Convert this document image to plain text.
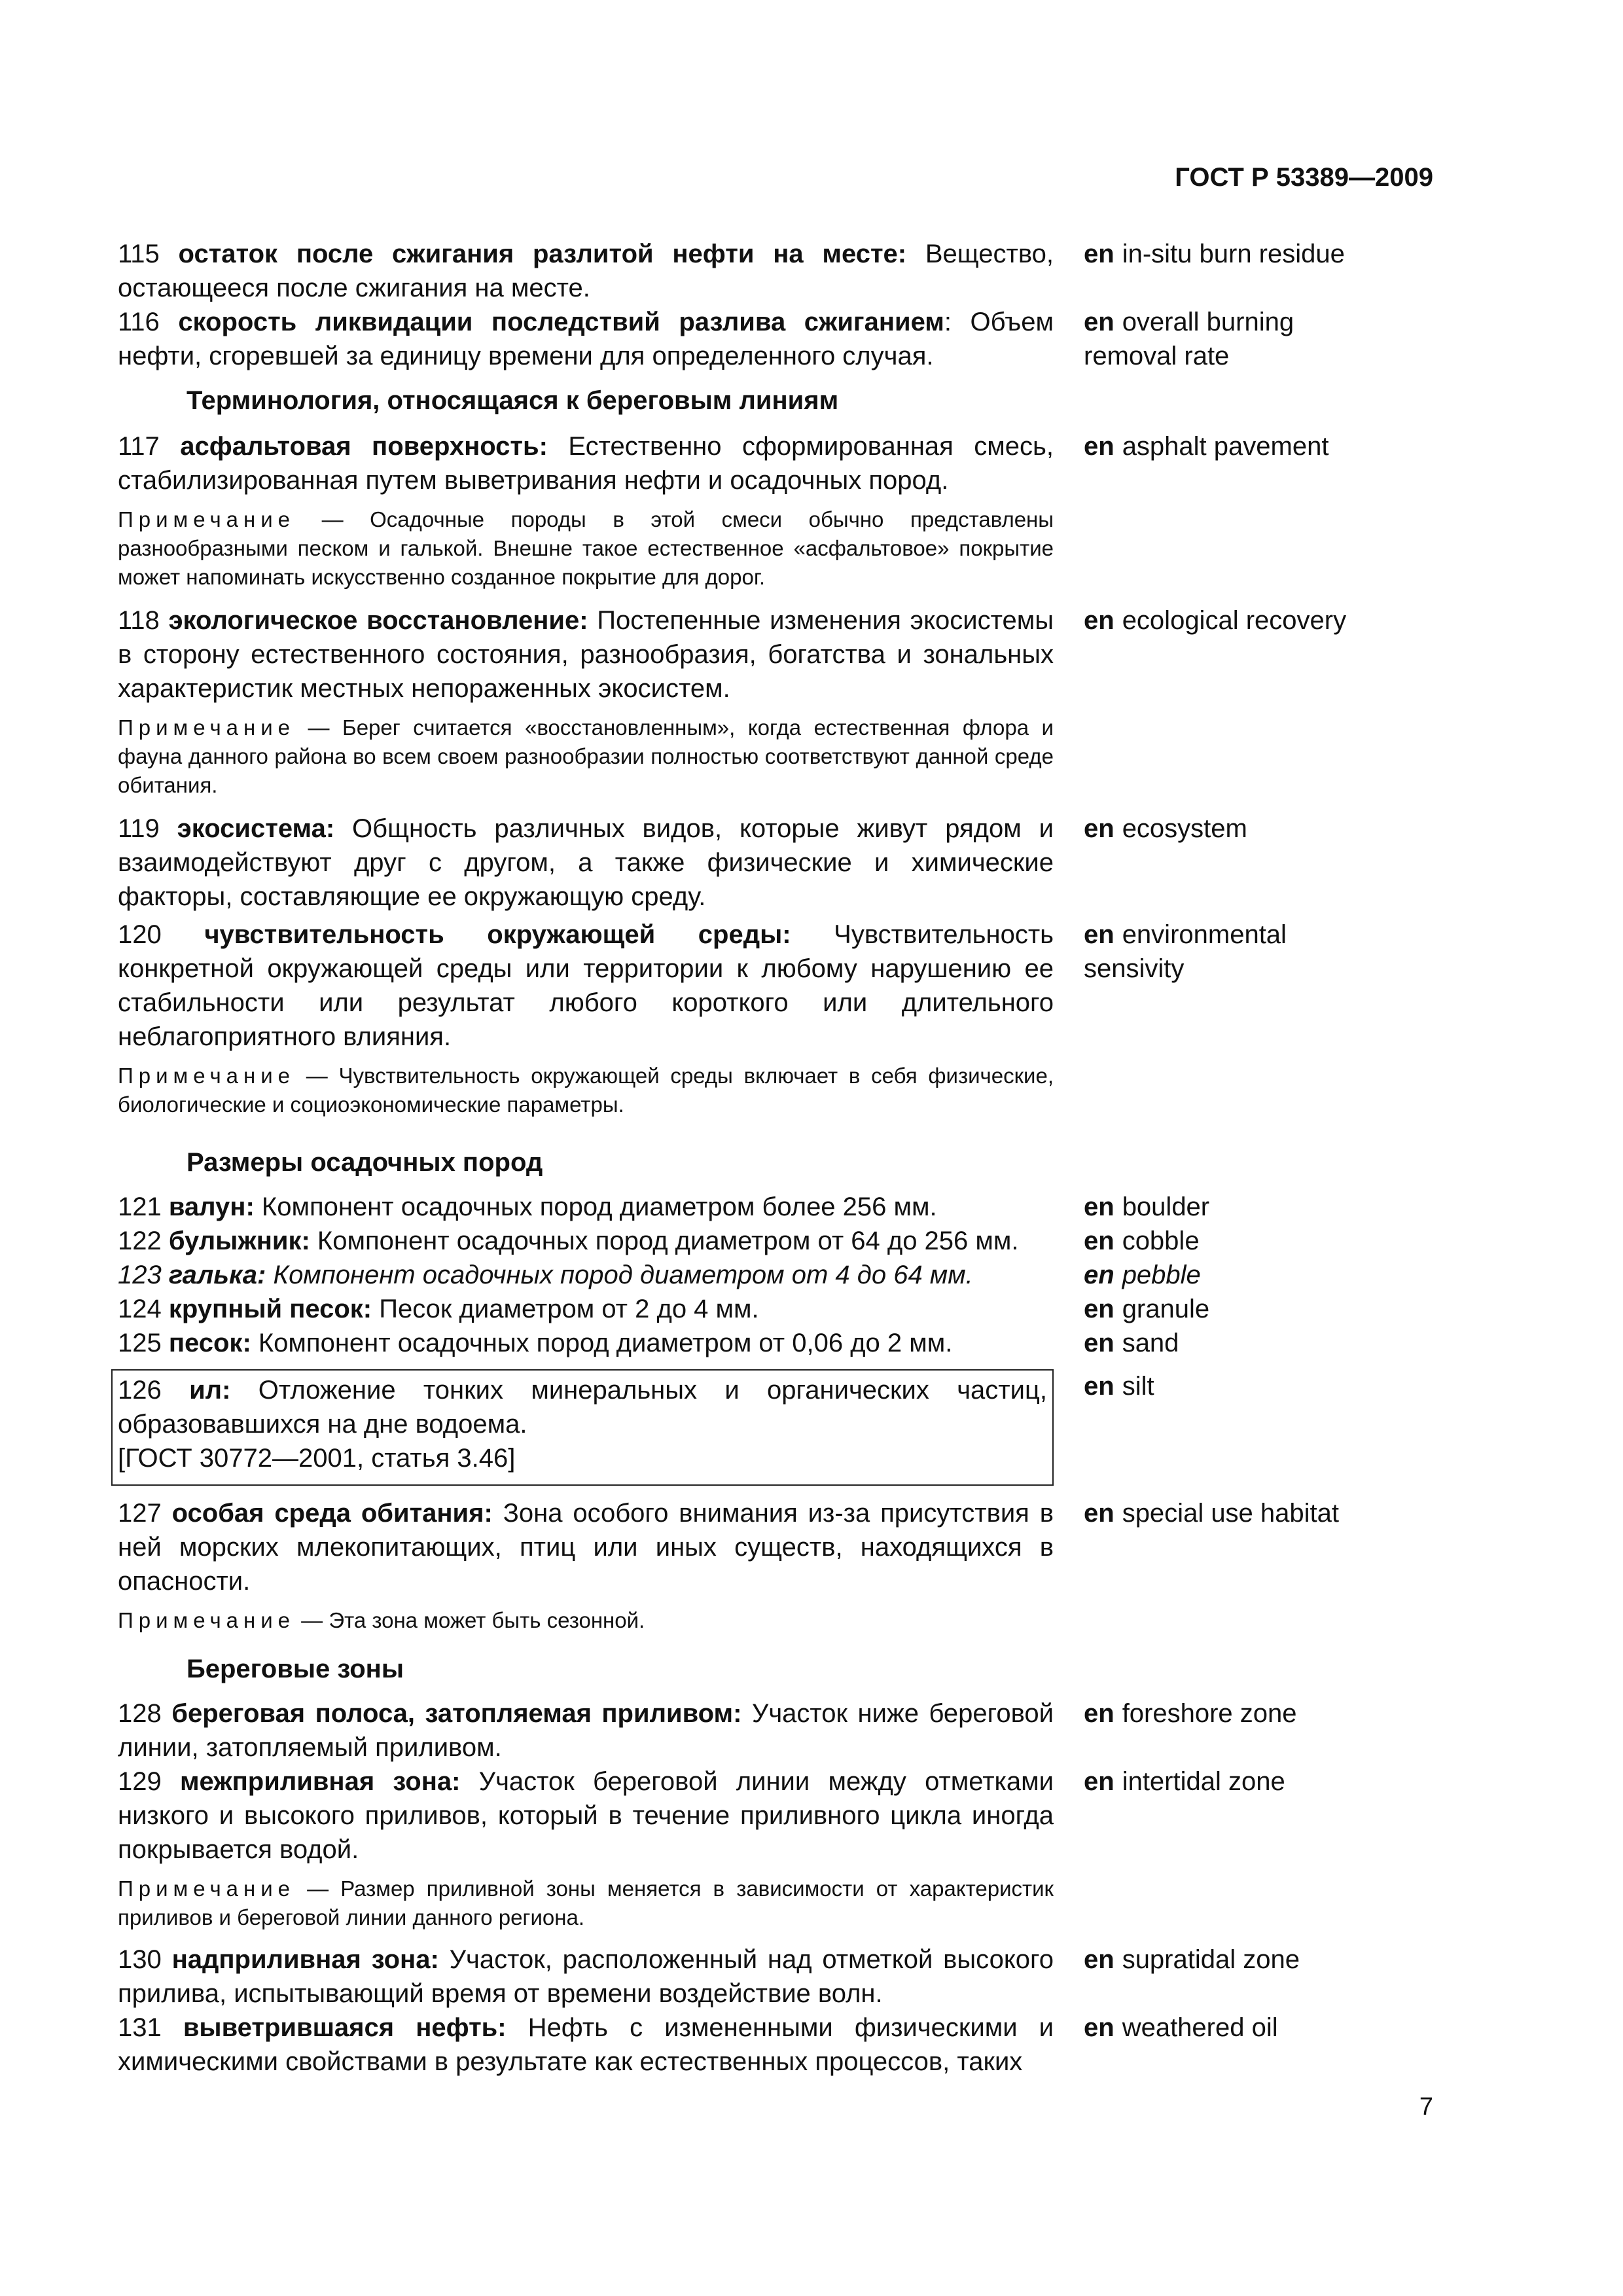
ГОСТ Р 53389—2009

115 остаток после сжигания разлитой нефти на месте: Вещество, остающееся после сжигания на месте.

en in-situ burn residue

116 скорость ликвидации последствий разлива сжиганием: Объем нефти, сгоревшей за единицу времени для определенного случая.

en overall burning removal rate
Терминология, относящаяся к береговым линиям

117 асфальтовая поверхность: Естественно сформированная смесь, стабилизированная путем выветривания нефти и осадочных пород.

Примечание — Осадочные породы в этой смеси обычно представлены разнообразными песком и галькой. Внешне такое естественное «асфальтовое» покрытие может напоминать искусственно созданное покрытие для дорог.

en asphalt pavement

118 экологическое восстановление: Постепенные изменения экосистемы в сторону естественного состояния, разнообразия, богатства и зональных характеристик местных непораженных экосистем.

Примечание — Берег считается «восстановленным», когда естественная флора и фауна данного района во всем своем разнообразии полностью соответствуют данной среде обитания.

en ecological recovery

119 экосистема: Общность различных видов, которые живут рядом и взаимодействуют друг с другом, а также физические и химические факторы, составляющие ее окружающую среду.

en ecosystem

120 чувствительность окружающей среды: Чувствительность конкретной окружающей среды или территории к любому нарушению ее стабильности или результат любого короткого или длительного неблагоприятного влияния.

Примечание — Чувствительность окружающей среды включает в себя физические, биологические и социоэкономические параметры.

en environmental sensivity
Размеры осадочных пород

121 валун: Компонент осадочных пород диаметром более 256 мм.	en boulder

122 булыжник: Компонент осадочных пород диаметром от 64 до 256 мм.	en cobble

123 галька: Компонент осадочных пород диаметром от 4 до 64 мм.	en pebble

124 крупный песок: Песок диаметром от 2 до 4 мм.	en granule

125 песок: Компонент осадочных пород диаметром от 0,06 до 2 мм.	en sand

126 ил: Отложение тонких минеральных и органических частиц, образовавшихся на дне водоема.

[ГОСТ 30772—2001, статья 3.46]

en silt

127 особая среда обитания: Зона особого внимания из-за присутствия в ней морских млекопитающих, птиц или иных существ, находящихся в опасности.

Примечание — Эта зона может быть сезонной.

en special use habitat
Береговые зоны

128 береговая полоса, затопляемая приливом: Участок ниже береговой линии, затопляемый приливом.

en foreshore zone

129 межприливная зона: Участок береговой линии между отметками низкого и высокого приливов, который в течение приливного цикла иногда покрывается водой.

Примечание — Размер приливной зоны меняется в зависимости от характеристик приливов и береговой линии данного региона.

en intertidal zone

130 надприливная зона: Участок, расположенный над отметкой высокого прилива, испытывающий время от времени воздействие волн.

en supratidal zone

131 выветрившаяся нефть: Нефть с измененными физическими и химическими свойствами в результате как естественных процессов, таких

en weathered oil
7
